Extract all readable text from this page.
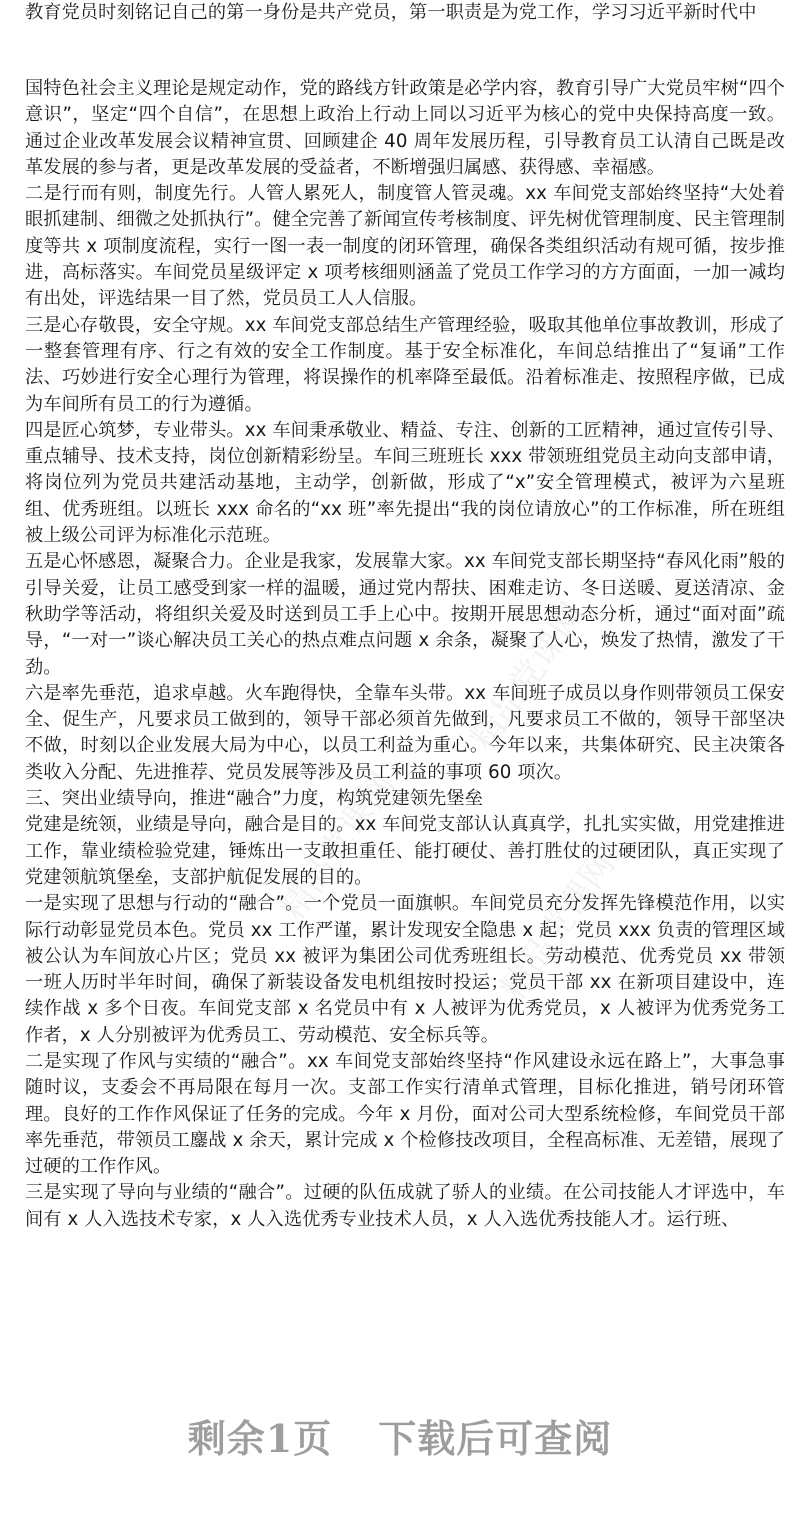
教育党员时刻铭记自己的第一身份是共产党员，第一职责是为党工作，学习习近平新时代中
精品党课网
精品党课网	精品党课网

国特色社会主义理论是规定动作，党的路线方针政策是必学内容，教育引导广大党员牢树“四个意识”，坚定“四个自信”，在思想上政治上行动上同以习近平为核心的党中央保持高度一致。通过企业改革发展会议精神宣贯、回顾建企 40 周年发展历程，引导教育员工认清自己既是改革发展的参与者，更是改革发展的受益者，不断增强归属感、获得感、幸福感。

二是行而有则，制度先行。人管人累死人，制度管人管灵魂。xx 车间党支部始终坚持“大处着眼抓建制、细微之处抓执行”。健全完善了新闻宣传考核制度、评先树优管理制度、民主管理制度等共 x 项制度流程，实行一图一表一制度的闭环管理，确保各类组织活动有规可循，按步推进，高标落实。车间党员星级评定 x 项考核细则涵盖了党员工作学习的方方面面，一加一减均有出处，评选结果一目了然，党员员工人人信服。

三是心存敬畏，安全守规。xx 车间党支部总结生产管理经验，吸取其他单位事故教训，形成了一整套管理有序、行之有效的安全工作制度。基于安全标准化，车间总结推出了“复诵”工作法、巧妙进行安全心理行为管理，将误操作的机率降至最低。沿着标准走、按照程序做，已成为车间所有员工的行为遵循。

四是匠心筑梦，专业带头。xx 车间秉承敬业、精益、专注、创新的工匠精神，通过宣传引导、重点辅导、技术支持，岗位创新精彩纷呈。车间三班班长 xxx 带领班组党员主动向支部申请，将岗位列为党员共建活动基地，主动学，创新做，形成了“x”安全管理模式，被评为六星班组、优秀班组。以班长 xxx 命名的“xx 班”率先提出“我的岗位请放心”的工作标准，所在班组被上级公司评为标准化示范班。

五是心怀感恩，凝聚合力。企业是我家，发展靠大家。xx 车间党支部长期坚持“春风化雨”般的引导关爱，让员工感受到家一样的温暖，通过党内帮扶、困难走访、冬日送暖、夏送清凉、金秋助学等活动，将组织关爱及时送到员工手上心中。按期开展思想动态分析，通过“面对面”疏导，“一对一”谈心解决员工关心的热点难点问题 x 余条，凝聚了人心，焕发了热情，激发了干劲。

六是率先垂范，追求卓越。火车跑得快，全靠车头带。xx 车间班子成员以身作则带领员工保安全、促生产，凡要求员工做到的，领导干部必须首先做到，凡要求员工不做的，领导干部坚决不做，时刻以企业发展大局为中心，以员工利益为重心。今年以来，共集体研究、民主决策各类收入分配、先进推荐、党员发展等涉及员工利益的事项 60 项次。

三、突出业绩导向，推进“融合”力度，构筑党建领先堡垒

党建是统领，业绩是导向，融合是目的。xx 车间党支部认认真真学，扎扎实实做，用党建推进工作，靠业绩检验党建，锤炼出一支敢担重任、能打硬仗、善打胜仗的过硬团队，真正实现了党建领航筑堡垒，支部护航促发展的目的。

一是实现了思想与行动的“融合”。一个党员一面旗帜。车间党员充分发挥先锋模范作用，以实际行动彰显党员本色。党员 xx 工作严谨，累计发现安全隐患 x 起；党员 xxx 负责的管理区域被公认为车间放心片区；党员 xx 被评为集团公司优秀班组长。劳动模范、优秀党员 xx 带领一班人历时半年时间，确保了新装设备发电机组按时投运；党员干部 xx 在新项目建设中，连续作战 x 多个日夜。车间党支部 x 名党员中有 x 人被评为优秀党员，x 人被评为优秀党务工作者，x 人分别被评为优秀员工、劳动模范、安全标兵等。

二是实现了作风与实绩的“融合”。xx 车间党支部始终坚持“作风建设永远在路上”，大事急事随时议，支委会不再局限在每月一次。支部工作实行清单式管理，目标化推进，销号闭环管理。良好的工作作风保证了任务的完成。今年 x 月份，面对公司大型系统检修，车间党员干部率先垂范，带领员工鏖战 x 余天，累计完成 x 个检修技改项目，全程高标准、无差错，展现了过硬的工作作风。

三是实现了导向与业绩的“融合”。过硬的队伍成就了骄人的业绩。在公司技能人才评选中，车间有 x 人入选技术专家，x 人入选优秀专业技术人员，x 人入选优秀技能人才。运行班、

剩余1页 下载后可查阅
